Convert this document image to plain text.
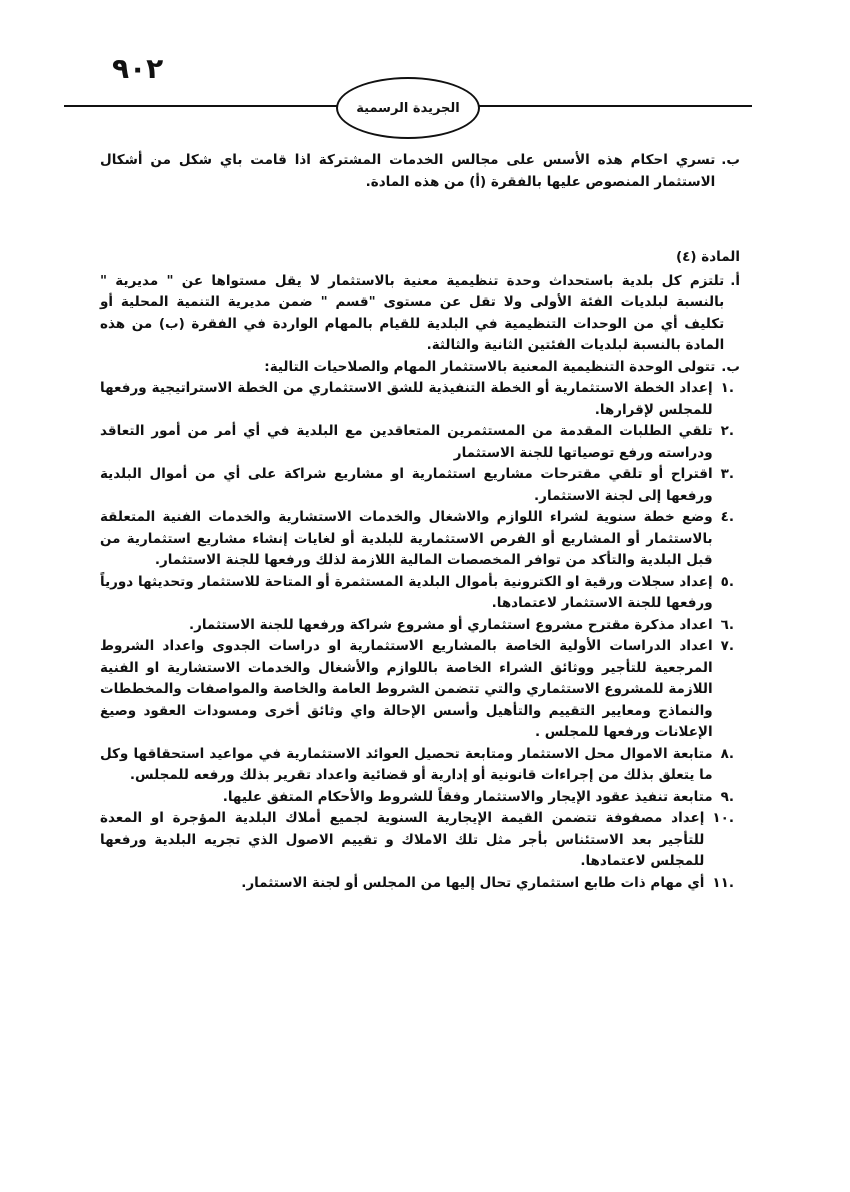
٩٠٢
الجريدة الرسمية
ب.
تسري احكام هذه الأسس على مجالس الخدمات المشتركة اذا قامت باي شكل من أشكال الاستثمار المنصوص عليها بالفقرة (أ) من هذه المادة.
المادة (٤)
أ.
تلتزم كل بلدية باستحداث وحدة تنظيمية معنية بالاستثمار لا يقل مستواها عن " مديرية " بالنسبة لبلديات الفئة الأولى ولا تقل عن مستوى "قسم " ضمن مديرية التنمية المحلية أو تكليف أي من الوحدات التنظيمية في البلدية للقيام بالمهام الواردة في الفقرة (ب) من هذه المادة بالنسبة لبلديات الفئتين الثانية والثالثة.
ب.
تتولى الوحدة التنظيمية المعنية بالاستثمار المهام والصلاحيات التالية:
.١
إعداد الخطة الاستثمارية أو الخطة التنفيذية للشق الاستثماري من الخطة الاستراتيجية ورفعها للمجلس لإقرارها.
.٢
تلقي الطلبات المقدمة من المستثمرين المتعاقدين مع البلدية في أي أمر من أمور التعاقد ودراسته ورفع توصياتها للجنة الاستثمار
.٣
اقتراح أو تلقي مقترحات مشاريع استثمارية او مشاريع شراكة على أي من أموال البلدية ورفعها إلى لجنة الاستثمار.
.٤
وضع خطة سنوية لشراء اللوازم والاشغال والخدمات الاستشارية والخدمات الفنية المتعلقة بالاستثمار أو المشاريع أو الفرص الاستثمارية للبلدية أو لغايات إنشاء مشاريع استثمارية من قبل البلدية والتأكد من توافر المخصصات المالية اللازمة لذلك ورفعها للجنة الاستثمار.
.٥
إعداد سجلات ورقية او الكترونية بأموال البلدية المستثمرة أو المتاحة للاستثمار وتحديثها دورياً ورفعها للجنة الاستثمار لاعتمادها.
.٦
اعداد مذكرة مقترح مشروع استثماري أو مشروع شراكة ورفعها للجنة الاستثمار.
.٧
اعداد الدراسات الأولية الخاصة بالمشاريع الاستثمارية او دراسات الجدوى واعداد الشروط المرجعية للتأجير ووثائق الشراء الخاصة باللوازم والأشغال والخدمات الاستشارية او الفنية اللازمة للمشروع الاستثماري والتي تتضمن الشروط العامة والخاصة والمواصفات والمخططات والنماذج ومعايير التقييم والتأهيل وأسس الإحالة واي وثائق أخرى ومسودات العقود وصيغ الإعلانات ورفعها للمجلس .
.٨
متابعة الاموال محل الاستثمار ومتابعة تحصيل العوائد الاستثمارية في مواعيد استحقاقها وكل ما يتعلق بذلك من إجراءات قانونية أو إدارية أو قضائية واعداد تقرير بذلك ورفعه للمجلس.
.٩
متابعة تنفيذ عقود الإيجار والاستثمار وفقاً للشروط والأحكام المتفق عليها.
.١٠
إعداد مصفوفة تتضمن القيمة الإيجارية السنوية لجميع أملاك البلدية المؤجرة او المعدة للتأجير بعد الاستئناس بأجر مثل تلك الاملاك و تقييم الاصول الذي تجريه البلدية ورفعها للمجلس لاعتمادها.
.١١
أي مهام ذات طابع استثماري تحال إليها من المجلس أو لجنة الاستثمار.
